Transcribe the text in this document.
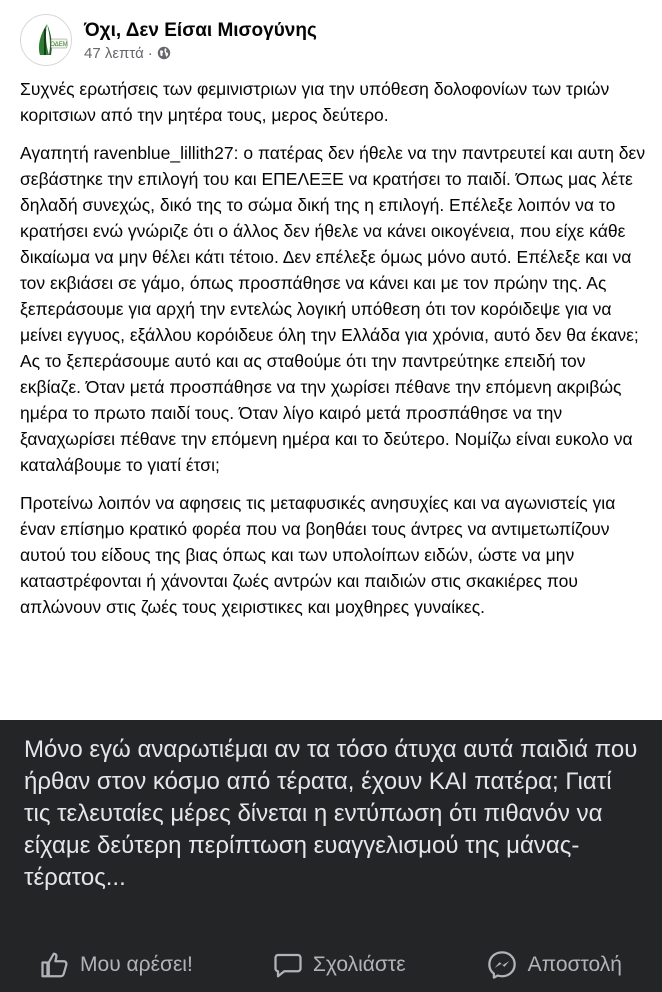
ΟΔΕΜ
Όχι, Δεν Είσαι Μισογύνης
47 λεπτά ·

Συχνές ερωτήσεις των φεμινιστριων για την υπόθεση δολοφονίων των τριών κοριτσιων από την μητέρα τους, μερος δεύτερο.

Αγαπητή ravenblue_lillith27: ο πατέρας δεν ήθελε να την παντρευτεί και αυτη δεν σεβάστηκε την επιλογή του και ΕΠΕΛΕΞΕ να κρατήσει το παιδί. Όπως μας λέτε δηλαδή συνεχώς, δικό της το σώμα δική της η επιλογή. Επέλεξε λοιπόν να το κρατήσει ενώ γνώριζε ότι ο άλλος δεν ήθελε να κάνει οικογένεια, που είχε κάθε δικαίωμα να μην θέλει κάτι τέτοιο. Δεν επέλεξε όμως μόνο αυτό. Επέλεξε και να τον εκβιάσει σε γάμο, όπως προσπάθησε να κάνει και με τον πρώην της. Ας ξεπεράσουμε για αρχή την εντελώς λογική υπόθεση ότι τον κορόιδεψε για να μείνει εγγυος, εξάλλου κορόιδευε όλη την Ελλάδα για χρόνια, αυτό δεν θα έκανε; Ας το ξεπεράσουμε αυτό και ας σταθούμε ότι την παντρεύτηκε επειδή τον εκβίαζε. Όταν μετά προσπάθησε να την χωρίσει πέθανε την επόμενη ακριβώς ημέρα το πρωτο παιδί τους. Όταν λίγο καιρό μετά προσπάθησε να την ξαναχωρίσει πέθανε την επόμενη ημέρα και το δεύτερο. Νομίζω είναι ευκολο να καταλάβουμε το γιατί έτσι;

Προτείνω λοιπόν να αφησεις τις μεταφυσικές ανησυχίες και να αγωνιστείς για έναν επίσημο κρατικό φορέα που να βοηθάει τους άντρες να αντιμετωπίζουν αυτού του είδους της βιας όπως και των υπολοίπων ειδών, ώστε να μην καταστρέφονται ή χάνονται ζωές αντρών και παιδιών στις σκακιέρες που απλώνουν στις ζωές τους χειριστικες και μοχθηρες γυναίκες.

Μόνο εγώ αναρωτιέμαι αν τα τόσο άτυχα αυτά παιδιά που ήρθαν στον κόσμο από τέρατα, έχουν ΚΑΙ πατέρα; Γιατί τις τελευταίες μέρες δίνεται η εντύπωση ότι πιθανόν να είχαμε δεύτερη περίπτωση ευαγγελισμού της μάνας-τέρατος...
Μου αρέσει!	Σχολιάστε	Αποστολή
